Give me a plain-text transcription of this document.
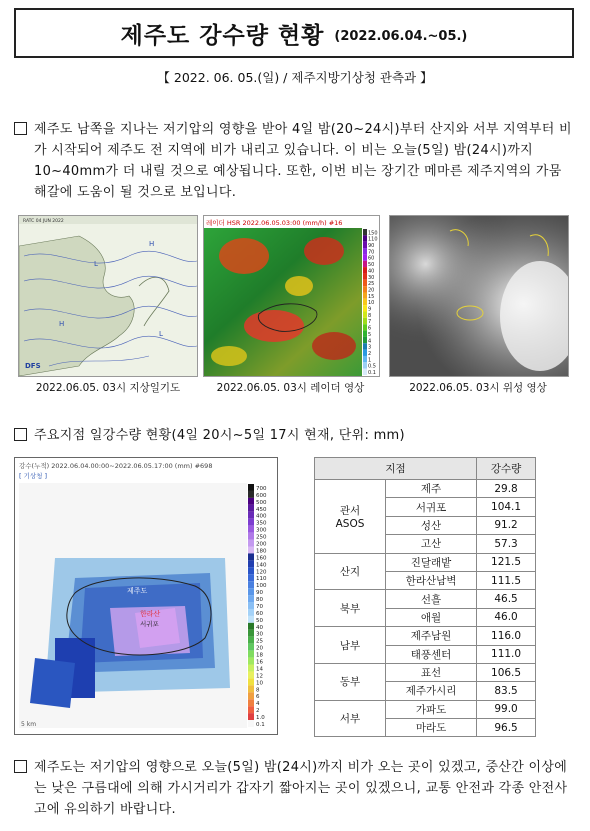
제주도 강수량 현황 (2022.06.04.~05.)
【 2022. 06. 05.(일) / 제주지방기상청 관측과 】
제주도 남쪽을 지나는 저기압의 영향을 받아 4일 밤(20~24시)부터 산지와 서부 지역부터 비가 시작되어 제주도 전 지역에 비가 내리고 있습니다. 이 비는 오늘(5일) 밤(24시)까지 10~40mm가 더 내릴 것으로 예상됩니다. 또한, 이번 비는 장기간 메마른 제주지역의 가뭄 해갈에 도움이 될 것으로 보입니다.
H
L
H
L
RATC 04 JUN 2022
DFS
2022.06.05. 03시 지상일기도
레이더 HSR 2022.06.05.03:00 (mm/h) #16
150
110
90
70
60
50
40
30
25
20
15
10
9
8
7
6
5
4
3
2
1
0.5
0.1
2022.06.05. 03시 레이더 영상	2022.06.05. 03시 위성 영상
주요지점 일강수량 현황(4일 20시~5일 17시 현재, 단위: mm)
강수(누적) 2022.06.04.00:00~2022.06.05.17:00 (mm) #698
[ 기상청 ]
제주도
한라산
서귀포
700
600
500
450
400
350
300
250
200
180
160
140
120
110
100
90
80
70
60
50
40
30
25
20
18
16
14
12
10
8
6
4
2
1.0
0.1
5 km
지점		강수량
관서
ASOS	제주	29.8
	서귀포	104.1
	성산	91.2
	고산	57.3
산지	진달래밭	121.5
	한라산남벽	111.5
북부	선흘	46.5
	애월	46.0
남부	제주남원	116.0
	태풍센터	111.0
동부	표선	106.5
	제주가시리	83.5
서부	가파도	99.0
	마라도	96.5
제주도는 저기압의 영향으로 오늘(5일) 밤(24시)까지 비가 오는 곳이 있겠고, 중산간 이상에는 낮은 구름대에 의해 가시거리가 갑자기 짧아지는 곳이 있겠으니, 교통 안전과 각종 안전사고에 유의하기 바랍니다.
